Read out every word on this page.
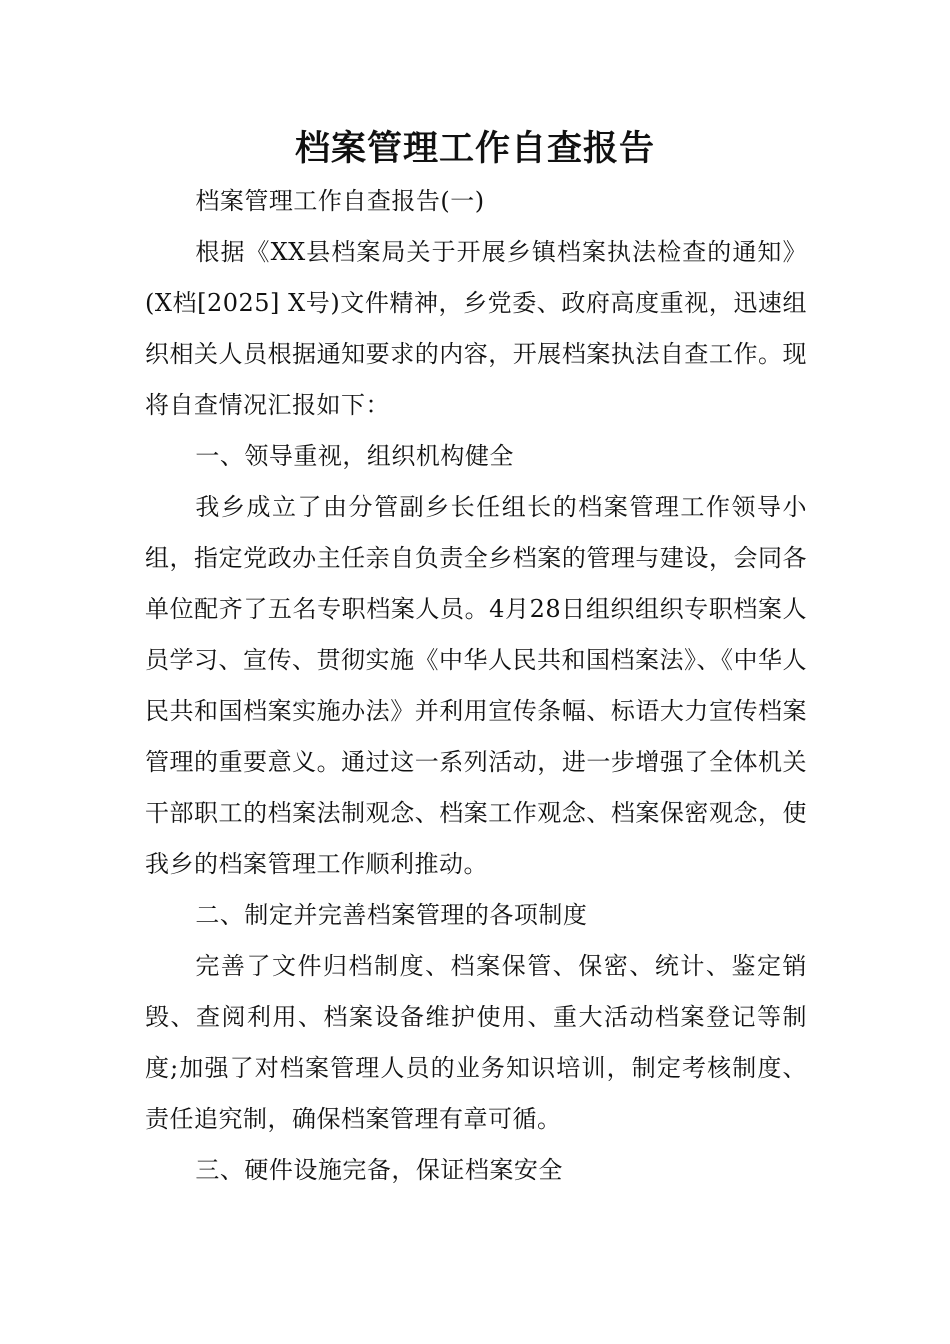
档案管理工作自查报告

档案管理工作自查报告(一)

根据《XX县档案局关于开展乡镇档案执法检查的通知》(X档[2025] X号)文件精神，乡党委、政府高度重视，迅速组织相关人员根据通知要求的内容，开展档案执法自查工作。现将自查情况汇报如下：

一、领导重视，组织机构健全

我乡成立了由分管副乡长任组长的档案管理工作领导小组，指定党政办主任亲自负责全乡档案的管理与建设，会同各单位配齐了五名专职档案人员。4月28日组织组织专职档案人员学习、宣传、贯彻实施《中华人民共和国档案法》、《中华人民共和国档案实施办法》并利用宣传条幅、标语大力宣传档案管理的重要意义。通过这一系列活动，进一步增强了全体机关干部职工的档案法制观念、档案工作观念、档案保密观念，使我乡的档案管理工作顺利推动。

二、制定并完善档案管理的各项制度

完善了文件归档制度、档案保管、保密、统计、鉴定销毁、查阅利用、档案设备维护使用、重大活动档案登记等制度;加强了对档案管理人员的业务知识培训，制定考核制度、责任追究制，确保档案管理有章可循。

三、硬件设施完备，保证档案安全
